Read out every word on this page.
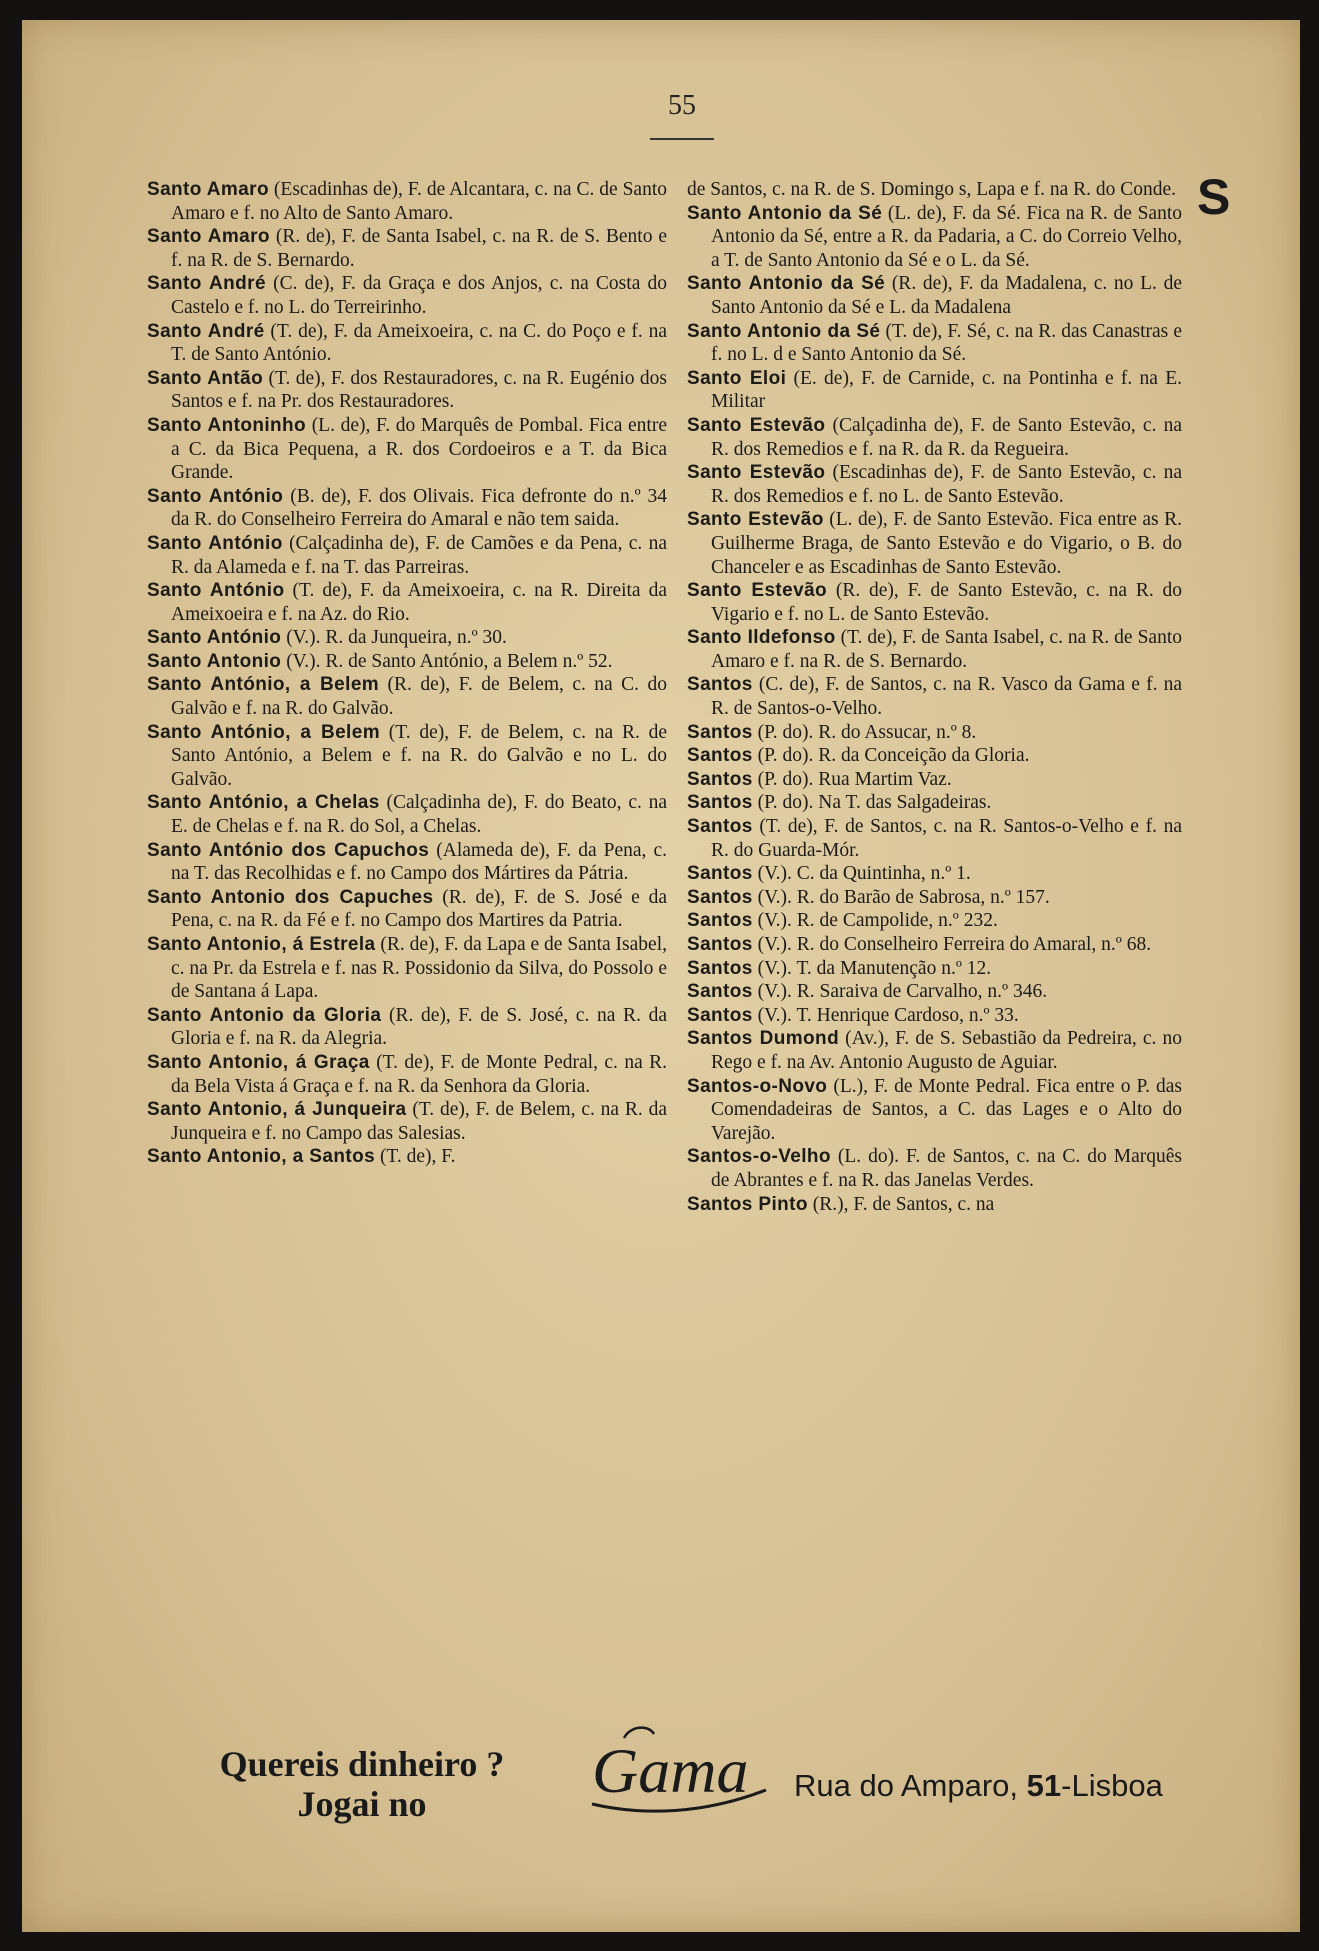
55
S

Santo Amaro (Escadinhas de), F. de Alcantara, c. na C. de Santo Amaro e f. no Alto de Santo Amaro.

Santo Amaro (R. de), F. de Santa Isabel, c. na R. de S. Bento e f. na R. de S. Bernardo.

Santo André (C. de), F. da Graça e dos Anjos, c. na Costa do Castelo e f. no L. do Terreirinho.

Santo André (T. de), F. da Ameixoeira, c. na C. do Poço e f. na T. de Santo António.

Santo Antão (T. de), F. dos Restauradores, c. na R. Eugénio dos Santos e f. na Pr. dos Restauradores.

Santo Antoninho (L. de), F. do Marquês de Pombal. Fica entre a C. da Bica Pequena, a R. dos Cordoeiros e a T. da Bica Grande.

Santo António (B. de), F. dos Olivais. Fica defronte do n.º 34 da R. do Conselheiro Ferreira do Amaral e não tem saida.

Santo António (Calçadinha de), F. de Camões e da Pena, c. na R. da Alameda e f. na T. das Parreiras.

Santo António (T. de), F. da Ameixoeira, c. na R. Direita da Ameixoeira e f. na Az. do Rio.

Santo António (V.). R. da Junqueira, n.º 30.

Santo Antonio (V.). R. de Santo António, a Belem n.º 52.

Santo António, a Belem (R. de), F. de Belem, c. na C. do Galvão e f. na R. do Galvão.

Santo António, a Belem (T. de), F. de Belem, c. na R. de Santo António, a Belem e f. na R. do Galvão e no L. do Galvão.

Santo António, a Chelas (Calçadinha de), F. do Beato, c. na E. de Chelas e f. na R. do Sol, a Chelas.

Santo António dos Capuchos (Alameda de), F. da Pena, c. na T. das Recolhidas e f. no Campo dos Mártires da Pátria.

Santo Antonio dos Capuches (R. de), F. de S. José e da Pena, c. na R. da Fé e f. no Campo dos Martires da Patria.

Santo Antonio, á Estrela (R. de), F. da Lapa e de Santa Isabel, c. na Pr. da Estrela e f. nas R. Possidonio da Silva, do Possolo e de Santana á Lapa.

Santo Antonio da Gloria (R. de), F. de S. José, c. na R. da Gloria e f. na R. da Alegria.

Santo Antonio, á Graça (T. de), F. de Monte Pedral, c. na R. da Bela Vista á Graça e f. na R. da Senhora da Gloria.

Santo Antonio, á Junqueira (T. de), F. de Belem, c. na R. da Junqueira e f. no Campo das Salesias.

Santo Antonio, a Santos (T. de), F.

de Santos, c. na R. de S. Domingo s, Lapa e f. na R. do Conde.

Santo Antonio da Sé (L. de), F. da Sé. Fica na R. de Santo Antonio da Sé, entre a R. da Padaria, a C. do Correio Velho, a T. de Santo Antonio da Sé e o L. da Sé.

Santo Antonio da Sé (R. de), F. da Madalena, c. no L. de Santo Antonio da Sé e L. da Madalena

Santo Antonio da Sé (T. de), F. Sé, c. na R. das Canastras e f. no L. d e Santo Antonio da Sé.

Santo Eloi (E. de), F. de Carnide, c. na Pontinha e f. na E. Militar

Santo Estevão (Calçadinha de), F. de Santo Estevão, c. na R. dos Remedios e f. na R. da R. da Regueira.

Santo Estevão (Escadinhas de), F. de Santo Estevão, c. na R. dos Remedios e f. no L. de Santo Estevão.

Santo Estevão (L. de), F. de Santo Estevão. Fica entre as R. Guilherme Braga, de Santo Estevão e do Vigario, o B. do Chanceler e as Escadinhas de Santo Estevão.

Santo Estevão (R. de), F. de Santo Estevão, c. na R. do Vigario e f. no L. de Santo Estevão.

Santo Ildefonso (T. de), F. de Santa Isabel, c. na R. de Santo Amaro e f. na R. de S. Bernardo.

Santos (C. de), F. de Santos, c. na R. Vasco da Gama e f. na R. de Santos-o-Velho.

Santos (P. do). R. do Assucar, n.º 8.

Santos (P. do). R. da Conceição da Gloria.

Santos (P. do). Rua Martim Vaz.

Santos (P. do). Na T. das Salgadeiras.

Santos (T. de), F. de Santos, c. na R. Santos-o-Velho e f. na R. do Guarda-Mór.

Santos (V.). C. da Quintinha, n.º 1.

Santos (V.). R. do Barão de Sabrosa, n.º 157.

Santos (V.). R. de Campolide, n.º 232.

Santos (V.). R. do Conselheiro Ferreira do Amaral, n.º 68.

Santos (V.). T. da Manutenção n.º 12.

Santos (V.). R. Saraiva de Carvalho, n.º 346.

Santos (V.). T. Henrique Cardoso, n.º 33.

Santos Dumond (Av.), F. de S. Sebastião da Pedreira, c. no Rego e f. na Av. Antonio Augusto de Aguiar.

Santos-o-Novo (L.), F. de Monte Pedral. Fica entre o P. das Comendadeiras de Santos, a C. das Lages e o Alto do Varejão.

Santos-o-Velho (L. do). F. de Santos, c. na C. do Marquês de Abrantes e f. na R. das Janelas Verdes.

Santos Pinto (R.), F. de Santos, c. na

Quereis dinheiro ?
Jogai no	Gama Rua do Amparo, 51-Lisboa
